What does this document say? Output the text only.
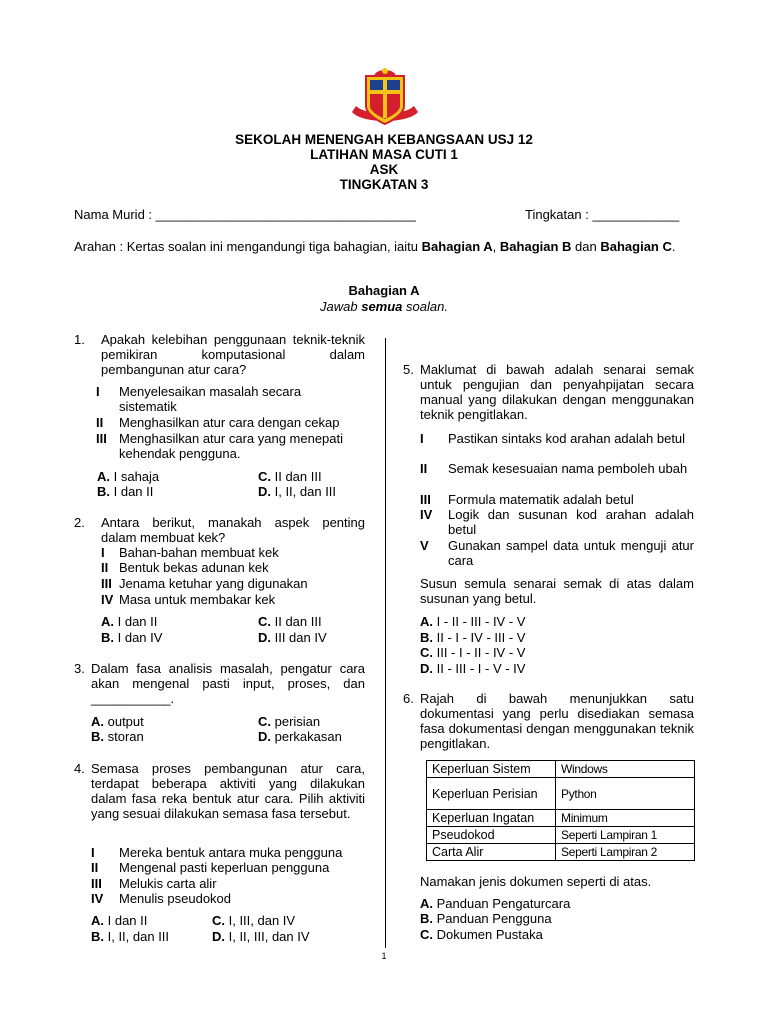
SEKOLAH MENENGAH KEBANGSAAN USJ 12
LATIHAN MASA CUTI 1
ASK
TINGKATAN 3
Nama Murid : ____________________________________	Tingkatan : ____________
Arahan : Kertas soalan ini mengandungi tiga bahagian, iaitu Bahagian A, Bahagian B dan Bahagian C.
Bahagian A
Jawab semua soalan.
1. Apakah kelebihan penggunaan teknik-teknik pemikiran komputasional dalam pembangunan atur cara?
I Menyelesaikan masalah secara sistematik
II Menghasilkan atur cara dengan cekap
III Menghasilkan atur cara yang menepati kehendak pengguna.
A. I sahaja	C. II dan III
B. I dan II	D. I, II, dan III
2. Antara berikut, manakah aspek penting dalam membuat kek?
I Bahan-bahan membuat kek
II Bentuk bekas adunan kek
III Jenama ketuhar yang digunakan
IV Masa untuk membakar kek
A. I dan II	C. II dan III
B. I dan IV	D. III dan IV
3. Dalam fasa analisis masalah, pengatur cara akan mengenal pasti input, proses, dan ___________.
A. output	C. perisian
B. storan	D. perkakasan
4. Semasa proses pembangunan atur cara, terdapat beberapa aktiviti yang dilakukan dalam fasa reka bentuk atur cara. Pilih aktiviti yang sesuai dilakukan semasa fasa tersebut.
I Mereka bentuk antara muka pengguna
II Mengenal pasti keperluan pengguna
III Melukis carta alir
IV Menulis pseudokod
A. I dan II	C. I, III, dan IV
B. I, II, dan III	D. I, II, III, dan IV
5. Maklumat di bawah adalah senarai semak untuk pengujian dan penyahpijatan secara manual yang dilakukan dengan menggunakan teknik pengitlakan.
I Pastikan sintaks kod arahan adalah betul
II Semak kesesuaian nama pemboleh ubah
III Formula matematik adalah betul
IV Logik dan susunan kod arahan adalah betul
V Gunakan sampel data untuk menguji atur cara
Susun semula senarai semak di atas dalam susunan yang betul.
A. I - II - III - IV - V
B. II - I - IV - III - V
C. III - I - II - IV - V
D. II - III - I - V - IV
6. Rajah di bawah menunjukkan satu dokumentasi yang perlu disediakan semasa fasa dokumentasi dengan menggunakan teknik pengitlakan.
Keperluan Sistem	Windows
Keperluan Perisian	Python
Keperluan Ingatan	Minimum
Pseudokod	Seperti Lampiran 1
Carta Alir	Seperti Lampiran 2
Namakan jenis dokumen seperti di atas.
A. Panduan Pengaturcara
B. Panduan Pengguna
C. Dokumen Pustaka
1
